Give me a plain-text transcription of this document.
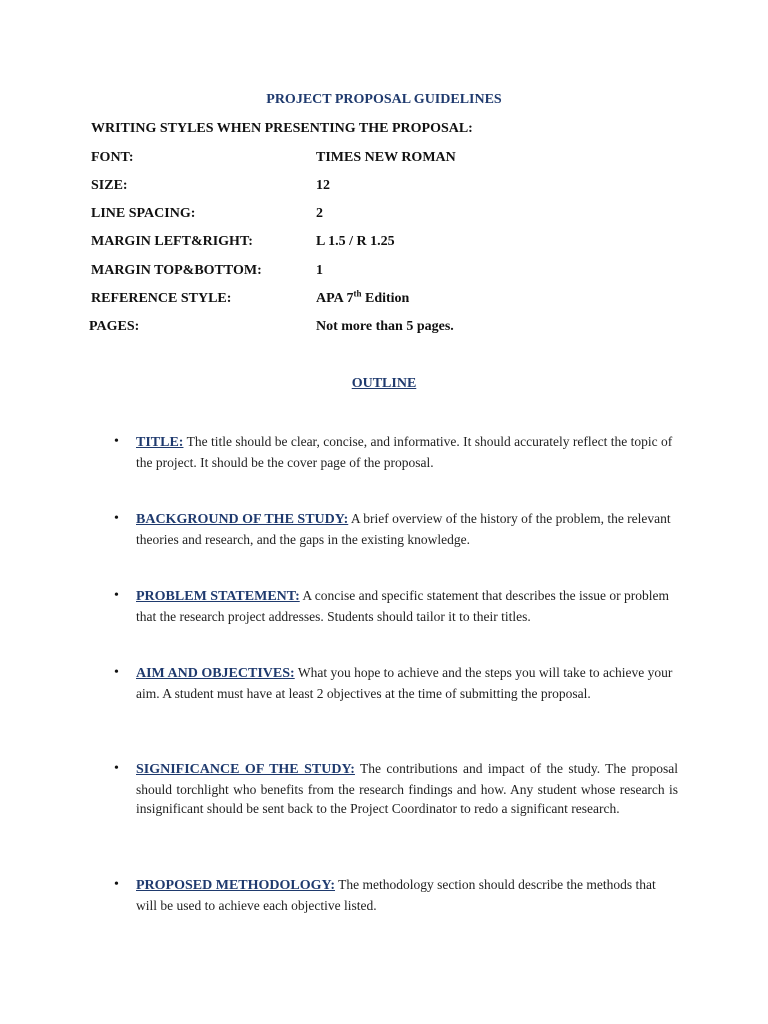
PROJECT PROPOSAL GUIDELINES

WRITING STYLES WHEN PRESENTING THE PROPOSAL:

FONT:	TIMES NEW ROMAN
SIZE:	12
LINE SPACING:	2
MARGIN LEFT&RIGHT:	L 1.5 / R 1.25
MARGIN TOP&BOTTOM:	1
REFERENCE STYLE:	APA 7th Edition
PAGES:	Not more than 5 pages.
OUTLINE
• TITLE: The title should be clear, concise, and informative. It should accurately reflect the topic of the project. It should be the cover page of the proposal.
• BACKGROUND OF THE STUDY: A brief overview of the history of the problem, the relevant theories and research, and the gaps in the existing knowledge.
• PROBLEM STATEMENT: A concise and specific statement that describes the issue or problem that the research project addresses. Students should tailor it to their titles.
• AIM AND OBJECTIVES: What you hope to achieve and the steps you will take to achieve your aim. A student must have at least 2 objectives at the time of submitting the proposal.
• SIGNIFICANCE OF THE STUDY: The contributions and impact of the study. The proposal should torchlight who benefits from the research findings and how. Any student whose research is insignificant should be sent back to the Project Coordinator to redo a significant research.
• PROPOSED METHODOLOGY: The methodology section should describe the methods that will be used to achieve each objective listed.
